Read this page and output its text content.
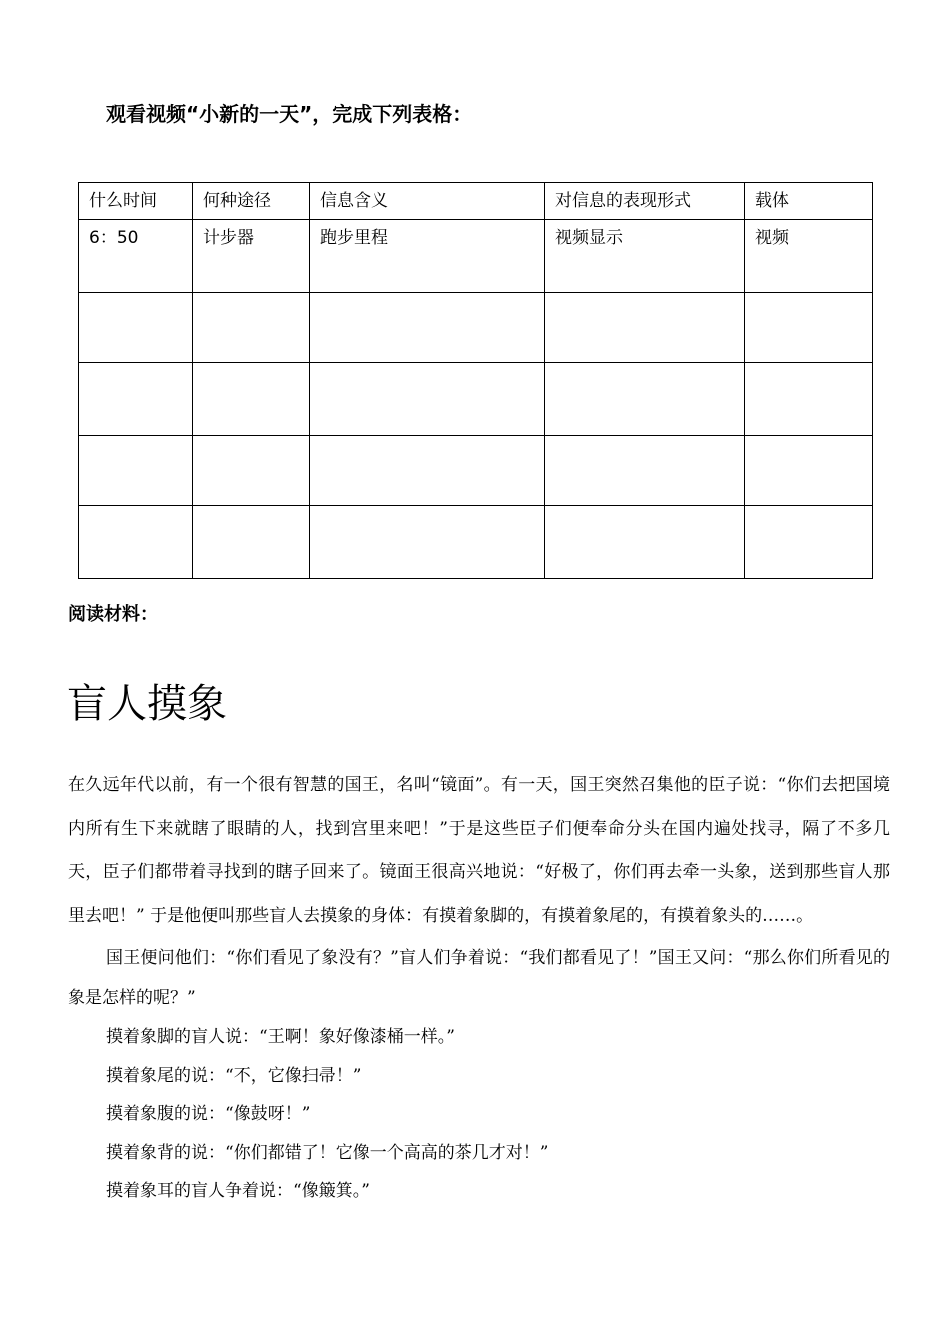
观看视频“小新的一天”，完成下列表格：
什么时间	何种途径	信息含义	对信息的表现形式	载体
6：50	计步器	跑步里程	视频显示	视频

阅读材料：
盲人摸象

在久远年代以前，有一个很有智慧的国王，名叫“镜面”。有一天，国王突然召集他的臣子说：“你们去把国境内所有生下来就瞎了眼睛的人，找到宫里来吧！”于是这些臣子们便奉命分头在国内遍处找寻，隔了不多几天，臣子们都带着寻找到的瞎子回来了。镜面王很高兴地说：“好极了，你们再去牵一头象，送到那些盲人那里去吧！” 于是他便叫那些盲人去摸象的身体：有摸着象脚的，有摸着象尾的，有摸着象头的……。

国王便问他们：“你们看见了象没有？”盲人们争着说：“我们都看见了！”国王又问：“那么你们所看见的象是怎样的呢？”

摸着象脚的盲人说：“王啊！象好像漆桶一样。”

摸着象尾的说：“不，它像扫帚！”

摸着象腹的说：“像鼓呀！”

摸着象背的说：“你们都错了！它像一个高高的茶几才对！”

摸着象耳的盲人争着说：“像簸箕。”
